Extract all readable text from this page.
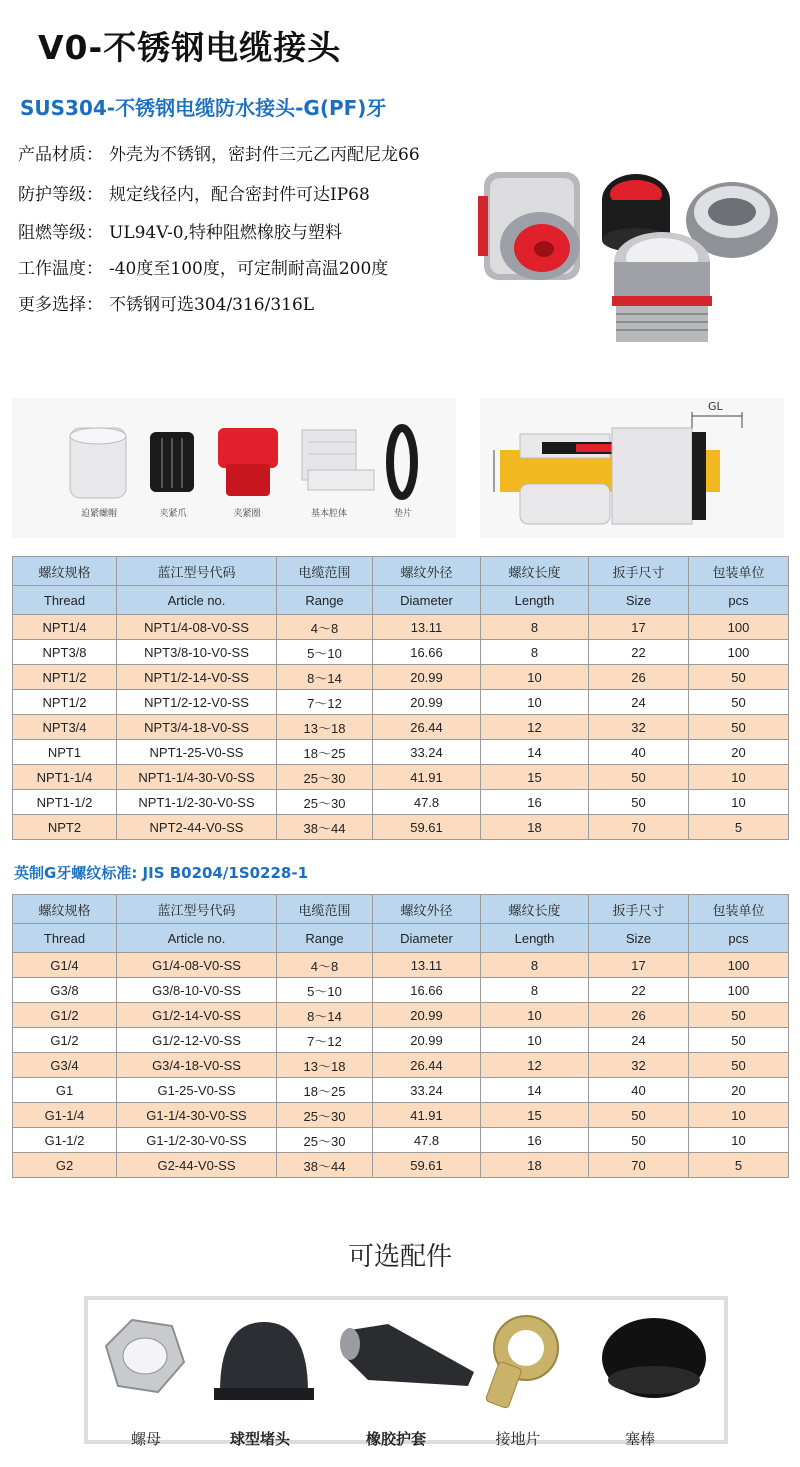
V0-不锈钢电缆接头
SUS304-不锈钢电缆防水接头-G(PF)牙
产品材质： 外壳为不锈钢，密封件三元乙丙配尼龙66
防护等级： 规定线径内，配合密封件可达IP68
阻燃等级： UL94V-0,特种阻燃橡胶与塑料
工作温度： -40度至100度，可定制耐高温200度
更多选择： 不锈钢可选304/316/316L
迫紧螺帽	夹紧爪	夹紧圈	基本腔体	垫片
GL
螺纹规格	蓝江型号代码	电缆范围	螺纹外径	螺纹长度	扳手尺寸	包装单位
Thread	Article no.	Range	Diameter	Length	Size	pcs
NPT1/4	NPT1/4-08-V0-SS	4～8	13.11	8	17	100
NPT3/8	NPT3/8-10-V0-SS	5～10	16.66	8	22	100
NPT1/2	NPT1/2-14-V0-SS	8～14	20.99	10	26	50
NPT1/2	NPT1/2-12-V0-SS	7～12	20.99	10	24	50
NPT3/4	NPT3/4-18-V0-SS	13～18	26.44	12	32	50
NPT1	NPT1-25-V0-SS	18～25	33.24	14	40	20
NPT1-1/4	NPT1-1/4-30-V0-SS	25～30	41.91	15	50	10
NPT1-1/2	NPT1-1/2-30-V0-SS	25～30	47.8	16	50	10
NPT2	NPT2-44-V0-SS	38～44	59.61	18	70	5
英制G牙螺纹标准: JIS B0204/1S0228-1
螺纹规格	蓝江型号代码	电缆范围	螺纹外径	螺纹长度	扳手尺寸	包装单位
Thread	Article no.	Range	Diameter	Length	Size	pcs
G1/4	G1/4-08-V0-SS	4～8	13.11	8	17	100
G3/8	G3/8-10-V0-SS	5～10	16.66	8	22	100
G1/2	G1/2-14-V0-SS	8～14	20.99	10	26	50
G1/2	G1/2-12-V0-SS	7～12	20.99	10	24	50
G3/4	G3/4-18-V0-SS	13～18	26.44	12	32	50
G1	G1-25-V0-SS	18～25	33.24	14	40	20
G1-1/4	G1-1/4-30-V0-SS	25～30	41.91	15	50	10
G1-1/2	G1-1/2-30-V0-SS	25～30	47.8	16	50	10
G2	G2-44-V0-SS	38～44	59.61	18	70	5
可选配件
螺母	球型堵头	橡胶护套	接地片	塞棒
